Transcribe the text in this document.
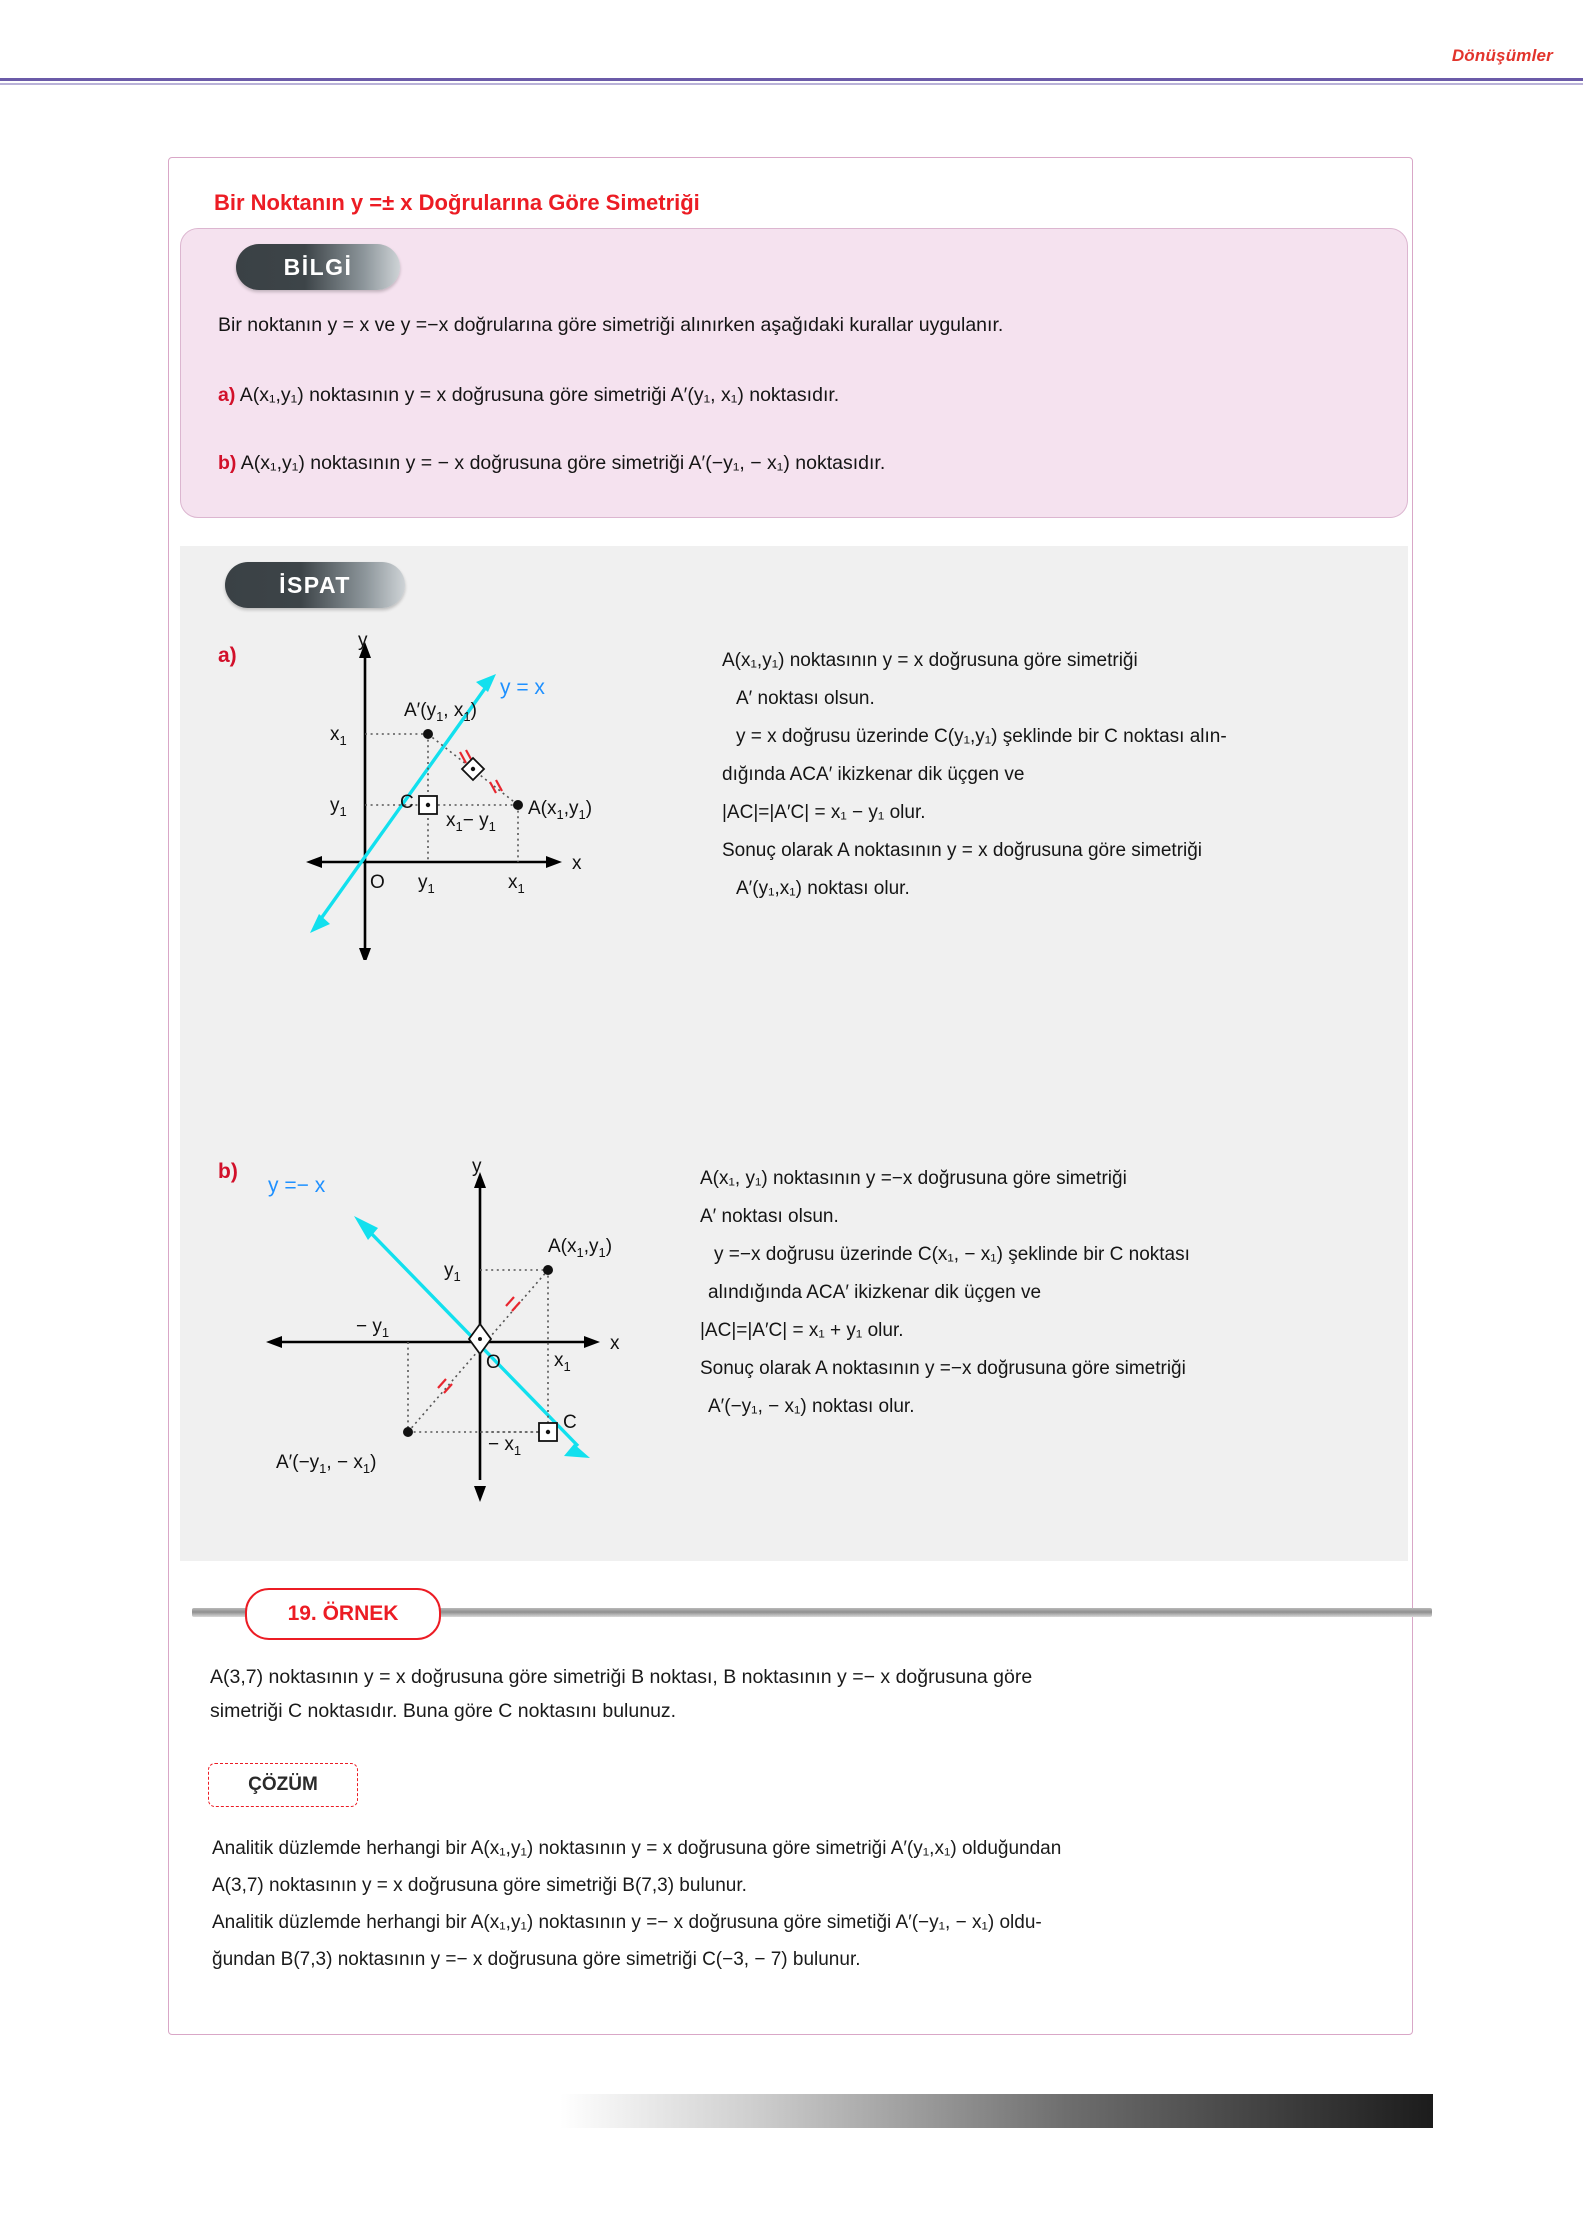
Dönüşümler
Bir Noktanın y =± x Doğrularına Göre Simetriği
BİLGİ
Bir noktanın y = x ve y =−x doğrularına göre simetriği alınırken aşağıdaki kurallar uygulanır.
a) A(x₁,y₁) noktasının y = x doğrusuna göre simetriği A′(y₁, x₁) noktasıdır.
b) A(x₁,y₁) noktasının y = − x doğrusuna göre simetriği A′(−y₁, − x₁) noktasıdır.
İSPAT
a)
y
x
O
$x_1$
$y_1$
$y_1$	$x_1$
C
$A'(y_1$, $x_1$)
$A(x_1,y_1)$
$x_1- y_1$
y = x
A(x₁,y₁) noktasının y = x doğrusuna göre simetriği
A′ noktası olsun.
y = x doğrusu üzerinde C(y₁,y₁) şeklinde bir C noktası alın-
dığında ACA′ ikizkenar dik üçgen ve
|AC|=|A′C| = x₁ − y₁ olur.
Sonuç olarak A noktasının y = x doğrusuna göre simetriği
A′(y₁,x₁) noktası olur.
b)	y
x
O
$y_1$
$A(x_1,y_1)$
− $y_1$
$x_1$
− $x_1$
C
$A'(-y_1$, − $x_1$)
y =− x	A(x₁, y₁) noktasının y =−x doğrusuna göre simetriği
A′ noktası olsun.
y =−x doğrusu üzerinde C(x₁, − x₁) şeklinde bir C noktası
alındığında ACA′ ikizkenar dik üçgen ve
|AC|=|A′C| = x₁ + y₁ olur.
Sonuç olarak A noktasının y =−x doğrusuna göre simetriği
A′(−y₁, − x₁) noktası olur.
19. ÖRNEK
A(3,7) noktasının y = x doğrusuna göre simetriği B noktası, B noktasının y =− x doğrusuna göre
simetriği C noktasıdır. Buna göre C noktasını bulunuz.
ÇÖZÜM
Analitik düzlemde herhangi bir A(x₁,y₁) noktasının y = x doğrusuna göre simetriği A′(y₁,x₁) olduğundan
A(3,7) noktasının y = x doğrusuna göre simetriği B(7,3) bulunur.
Analitik düzlemde herhangi bir A(x₁,y₁) noktasının y =− x doğrusuna göre simetiği A′(−y₁, − x₁) oldu-
ğundan B(7,3) noktasının y =− x doğrusuna göre simetriği C(−3, − 7) bulunur.
183
